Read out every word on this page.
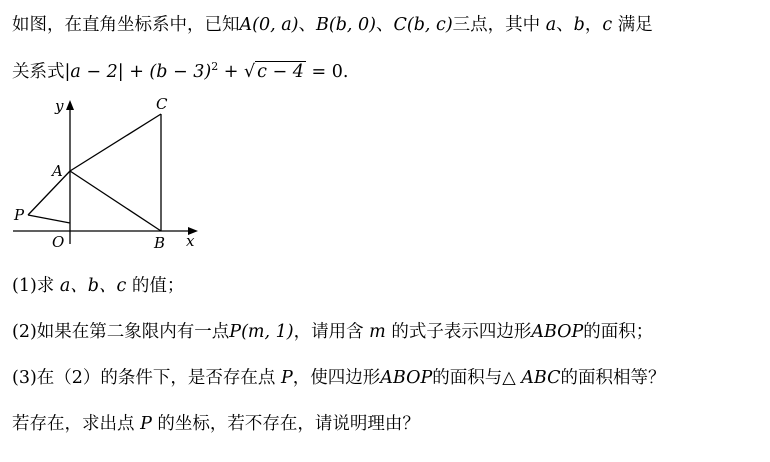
如图，在直角坐标系中，已知A(0, a)、B(b, 0)、C(b, c)三点，其中 a、b，c 满足
关系式$|a - 2| + (b - 3)^2$ + √ c − 4 = 0.
y
x
O
A
B
C
P
(1)求 a、b、c 的值；
(2)如果在第二象限内有一点P(m, 1)，请用含 m 的式子表示四边形ABOP的面积；
(3)在（2）的条件下，是否存在点 P，使四边形ABOP的面积与△ ABC的面积相等？
若存在，求出点 P 的坐标，若不存在，请说明理由？
